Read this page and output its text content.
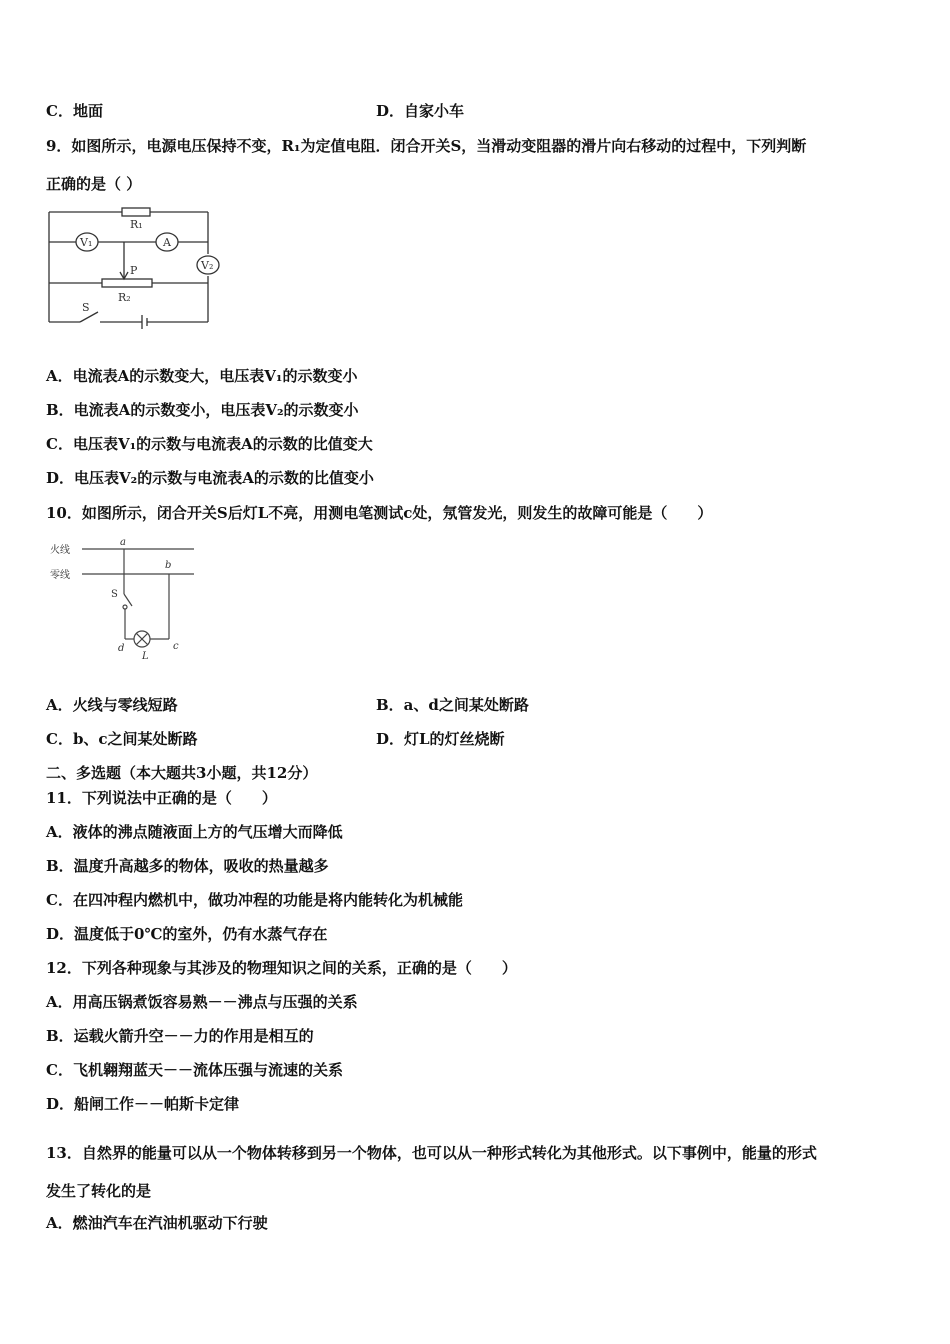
C．地面	D．自家小车
9．如图所示，电源电压保持不变，R₁为定值电阻．闭合开关S，当滑动变阻器的滑片向右移动的过程中，下列判断
正确的是（ ）
R₁
V₁	A
V₂
P
R₂
S
A．电流表A的示数变大，电压表V₁的示数变小
B．电流表A的示数变小，电压表V₂的示数变小
C．电压表V₁的示数与电流表A的示数的比值变大
D．电压表V₂的示数与电流表A的示数的比值变小
10．如图所示，闭合开关S后灯L不亮，用测电笔测试c处，氖管发光，则发生的故障可能是（　　）
火线
零线
a
b
S
d
L
c
A．火线与零线短路	B．a、d之间某处断路
C．b、c之间某处断路	D．灯L的灯丝烧断
二、多选题（本大题共3小题，共12分）
11．下列说法中正确的是（　　）
A．液体的沸点随液面上方的气压增大而降低
B．温度升高越多的物体，吸收的热量越多
C．在四冲程内燃机中，做功冲程的功能是将内能转化为机械能
D．温度低于0℃的室外，仍有水蒸气存在
12．下列各种现象与其涉及的物理知识之间的关系，正确的是（　　）
A．用高压锅煮饭容易熟－－沸点与压强的关系
B．运载火箭升空－－力的作用是相互的
C．飞机翱翔蓝天－－流体压强与流速的关系
D．船闸工作－－帕斯卡定律
13．自然界的能量可以从一个物体转移到另一个物体，也可以从一种形式转化为其他形式。以下事例中，能量的形式
发生了转化的是
A．燃油汽车在汽油机驱动下行驶
